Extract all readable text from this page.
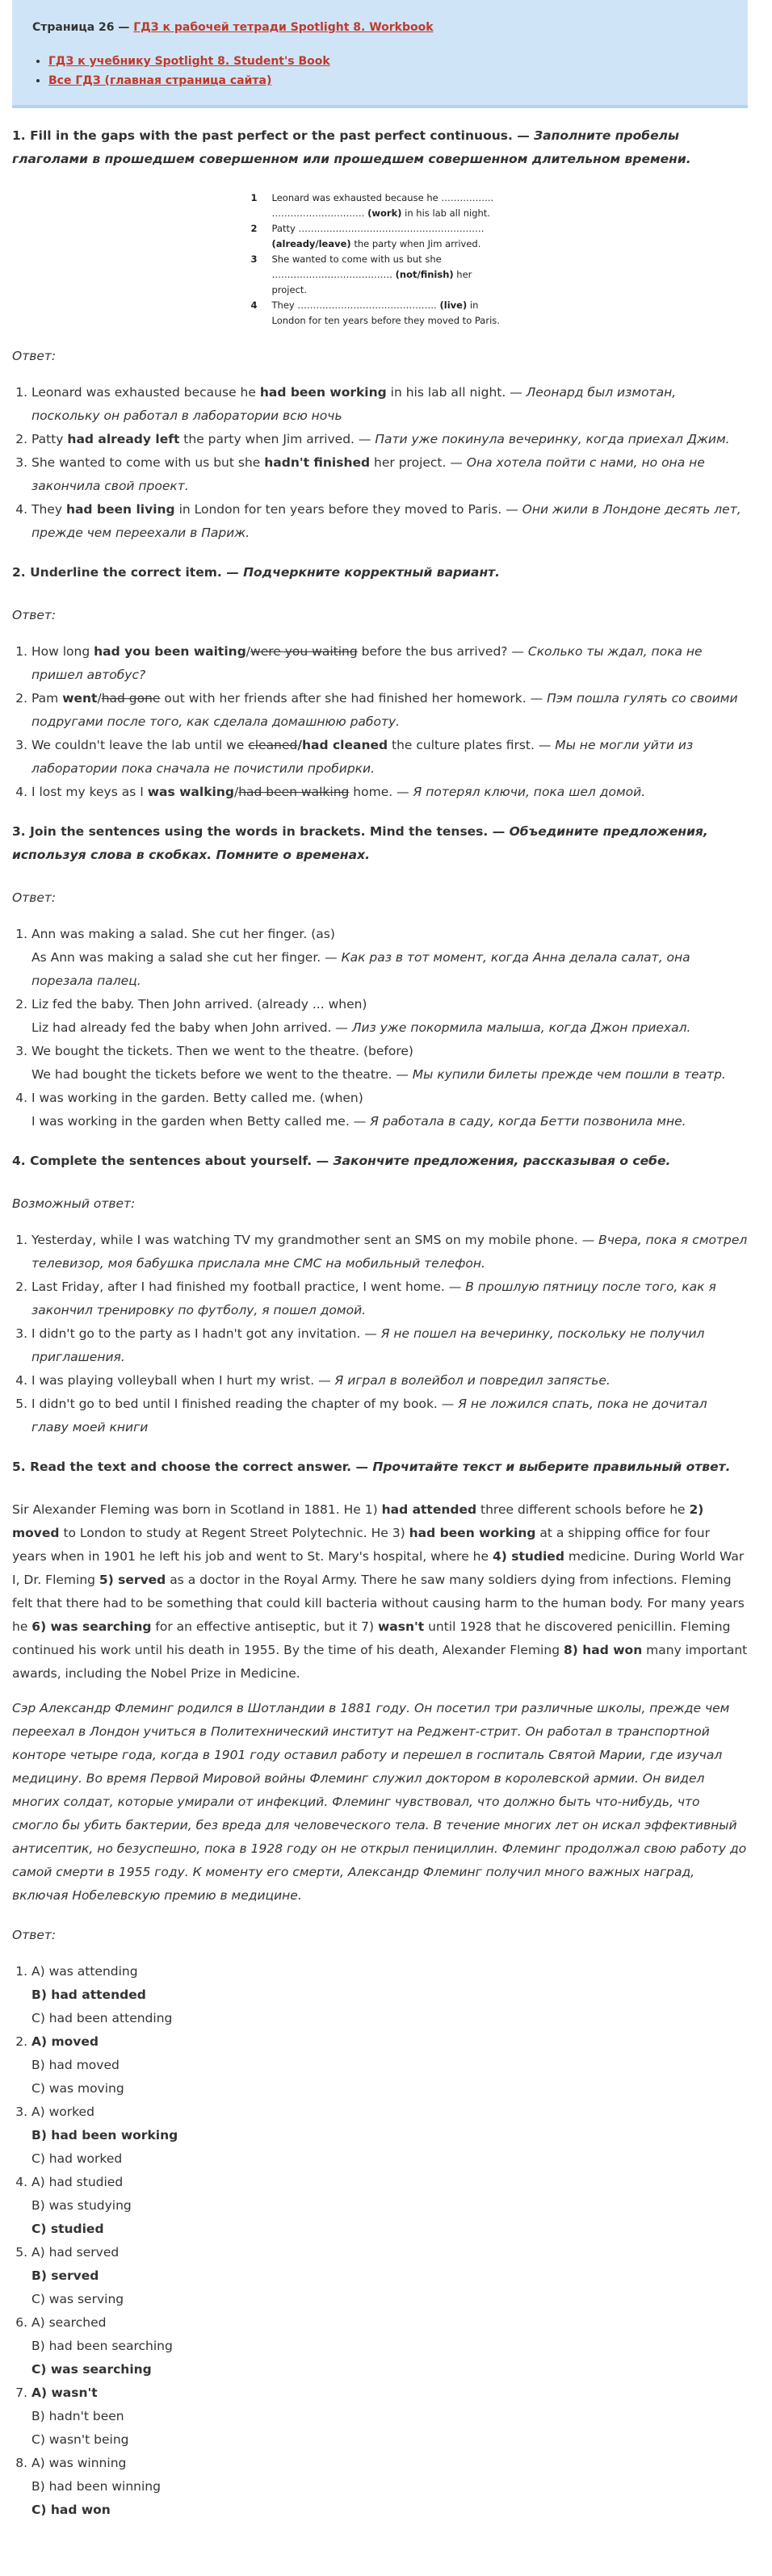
Страница 26 — ГДЗ к рабочей тетради Spotlight 8. Workbook
• ГДЗ к учебнику Spotlight 8. Student's Book
• Все ГДЗ (главная страница сайта)
1. Fill in the gaps with the past perfect or the past perfect continuous. — Заполните пробелы глаголами в прошедшем совершенном или прошедшем совершенном длительном времени.
1	Leonard was exhausted because he …………….. ………………………… (work) in his lab all night.
2	Patty ……………………………………………………(already/leave) the party when Jim arrived.
3	She wanted to come with us but she ………………………………… (not/finish) her project.
4	They ……………………………………… (live) in London for ten years before they moved to Paris.
Ответ:
1. Leonard was exhausted because he had been working in his lab all night. — Леонард был измотан, поскольку он работал в лаборатории всю ночь
2. Patty had already left the party when Jim arrived. — Пати уже покинула вечеринку, когда приехал Джим.
3. She wanted to come with us but she hadn't finished her project. — Она хотела пойти с нами, но она не закончила свой проект.
4. They had been living in London for ten years before they moved to Paris. — Они жили в Лондоне десять лет, прежде чем переехали в Париж.
2. Underline the correct item. — Подчеркните корректный вариант.
Ответ:
1. How long had you been waiting/were you waiting before the bus arrived? — Сколько ты ждал, пока не пришел автобус?
2. Pam went/had gone out with her friends after she had finished her homework. — Пэм пошла гулять со своими подругами после того, как сделала домашнюю работу.
3. We couldn't leave the lab until we cleaned/had cleaned the culture plates first. — Мы не могли уйти из лаборатории пока сначала не почистили пробирки.
4. I lost my keys as I was walking/had been walking home. — Я потерял ключи, пока шел домой.
3. Join the sentences using the words in brackets. Mind the tenses. — Объедините предложения, используя слова в скобках. Помните о временах.
Ответ:
1. Ann was making a salad. She cut her finger. (as)
As Ann was making a salad she cut her finger. — Как раз в тот момент, когда Анна делала салат, она порезала палец.
2. Liz fed the baby. Then John arrived. (already ... when)
Liz had already fed the baby when John arrived. — Лиз уже покормила малыша, когда Джон приехал.
3. We bought the tickets. Then we went to the theatre. (before)
We had bought the tickets before we went to the theatre. — Мы купили билеты прежде чем пошли в театр.
4. I was working in the garden. Betty called me. (when)
I was working in the garden when Betty called me. — Я работала в саду, когда Бетти позвонила мне.
4. Complete the sentences about yourself. — Закончите предложения, рассказывая о себе.
Возможный ответ:
1. Yesterday, while I was watching TV my grandmother sent an SMS on my mobile phone. — Вчера, пока я смотрел телевизор, моя бабушка прислала мне СМС на мобильный телефон.
2. Last Friday, after I had finished my football practice, I went home. — В прошлую пятницу после того, как я закончил тренировку по футболу, я пошел домой.
3. I didn't go to the party as I hadn't got any invitation. — Я не пошел на вечеринку, поскольку не получил приглашения.
4. I was playing volleyball when I hurt my wrist. — Я играл в волейбол и повредил запястье.
5. I didn't go to bed until I finished reading the chapter of my book. — Я не ложился спать, пока не дочитал главу моей книги
5. Read the text and choose the correct answer. — Прочитайте текст и выберите правильный ответ.
Sir Alexander Fleming was born in Scotland in 1881. He 1) had attended three different schools before he 2) moved to London to study at Regent Street Polytechnic. He 3) had been working at a shipping office for four years when in 1901 he left his job and went to St. Mary's hospital, where he 4) studied medicine. During World War I, Dr. Fleming 5) served as a doctor in the Royal Army. There he saw many soldiers dying from infections. Fleming felt that there had to be something that could kill bacteria without causing harm to the human body. For many years he 6) was searching for an effective antiseptic, but it 7) wasn't until 1928 that he discovered penicillin. Fleming continued his work until his death in 1955. By the time of his death, Alexander Fleming 8) had won many important awards, including the Nobel Prize in Medicine.
Сэр Александр Флеминг родился в Шотландии в 1881 году. Он посетил три различные школы, прежде чем переехал в Лондон учиться в Политехнический институт на Реджент-стрит. Он работал в транспортной конторе четыре года, когда в 1901 году оставил работу и перешел в госпиталь Святой Марии, где изучал медицину. Во время Первой Мировой войны Флеминг служил доктором в королевской армии. Он видел многих солдат, которые умирали от инфекций. Флеминг чувствовал, что должно быть что-нибудь, что смогло бы убить бактерии, без вреда для человеческого тела. В течение многих лет он искал эффективный антисептик, но безуспешно, пока в 1928 году он не открыл пенициллин. Флеминг продолжал свою работу до самой смерти в 1955 году. К моменту его смерти, Александр Флеминг получил много важных наград, включая Нобелевскую премию в медицине.
Ответ:
1. A) was attending
B) had attended
C) had been attending
2. A) moved
B) had moved
C) was moving
3. A) worked
B) had been working
C) had worked
4. A) had studied
B) was studying
C) studied
5. A) had served
B) served
C) was serving
6. A) searched
B) had been searching
C) was searching
7. A) wasn't
B) hadn't been
C) wasn't being
8. A) was winning
B) had been winning
C) had won
